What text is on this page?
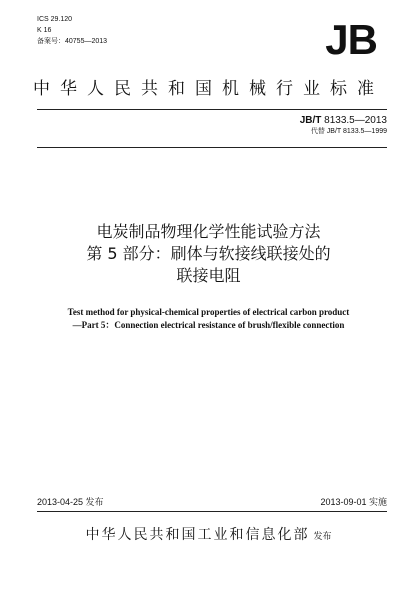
ICS 29.120
K 16
备案号：40755—2013	JB
中华人民共和国机械行业标准
JB/T 8133.5—2013
代替 JB/T 8133.5—1999
电炭制品物理化学性能试验方法
第 5 部分：刷体与软接线联接处的
联接电阻
Test method for physical-chemical properties of electrical carbon product
—Part 5：Connection electrical resistance of brush/flexible connection
2013-04-25 发布	2013-09-01 实施
中华人民共和国工业和信息化部 发布
